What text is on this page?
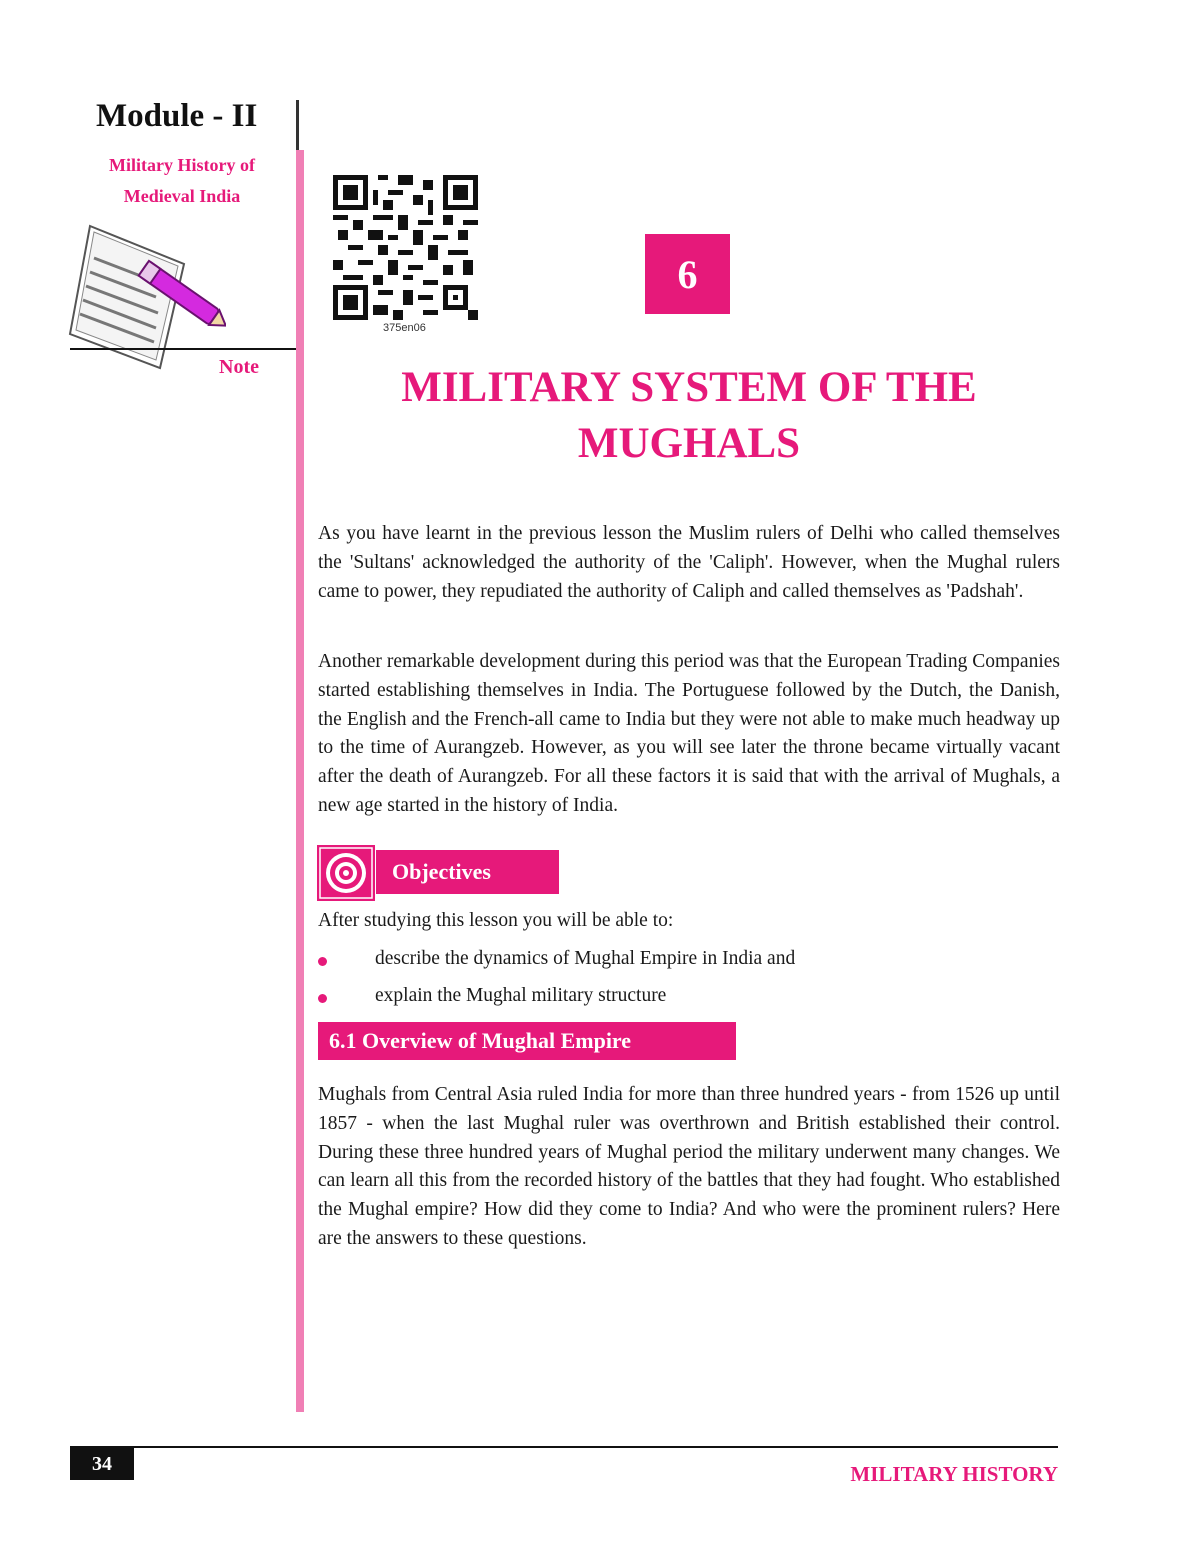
Module - II
Military History of
Medieval India
Note
375en06
6
MILITARY SYSTEM OF THE
MUGHALS

As you have learnt in the previous lesson the Muslim rulers of Delhi who called themselves the 'Sultans' acknowledged the authority of the 'Caliph'. However, when the Mughal rulers came to power, they repudiated the authority of Caliph and called themselves as 'Padshah'.

Another remarkable development during this period was that the European Trading Companies started establishing themselves in India. The Portuguese followed by the Dutch, the Danish, the English and the French-all came to India but they were not able to make much headway up to the time of Aurangzeb. However, as you will see later the throne became virtually vacant after the death of Aurangzeb. For all these factors it is said that with the arrival of Mughals, a new age started in the history of India.

Objectives
After studying this lesson you will be able to:
describe the dynamics of Mughal Empire in India and
explain the Mughal military structure
6.1 Overview of Mughal Empire

Mughals from Central Asia ruled India for more than three hundred years - from 1526 up until 1857 - when the last Mughal ruler was overthrown and British established their control. During these three hundred years of Mughal period the military underwent many changes. We can learn all this from the recorded history of the battles that they had fought. Who established the Mughal empire? How did they come to India? And who were the prominent rulers? Here are the answers to these questions.

34	MILITARY HISTORY
